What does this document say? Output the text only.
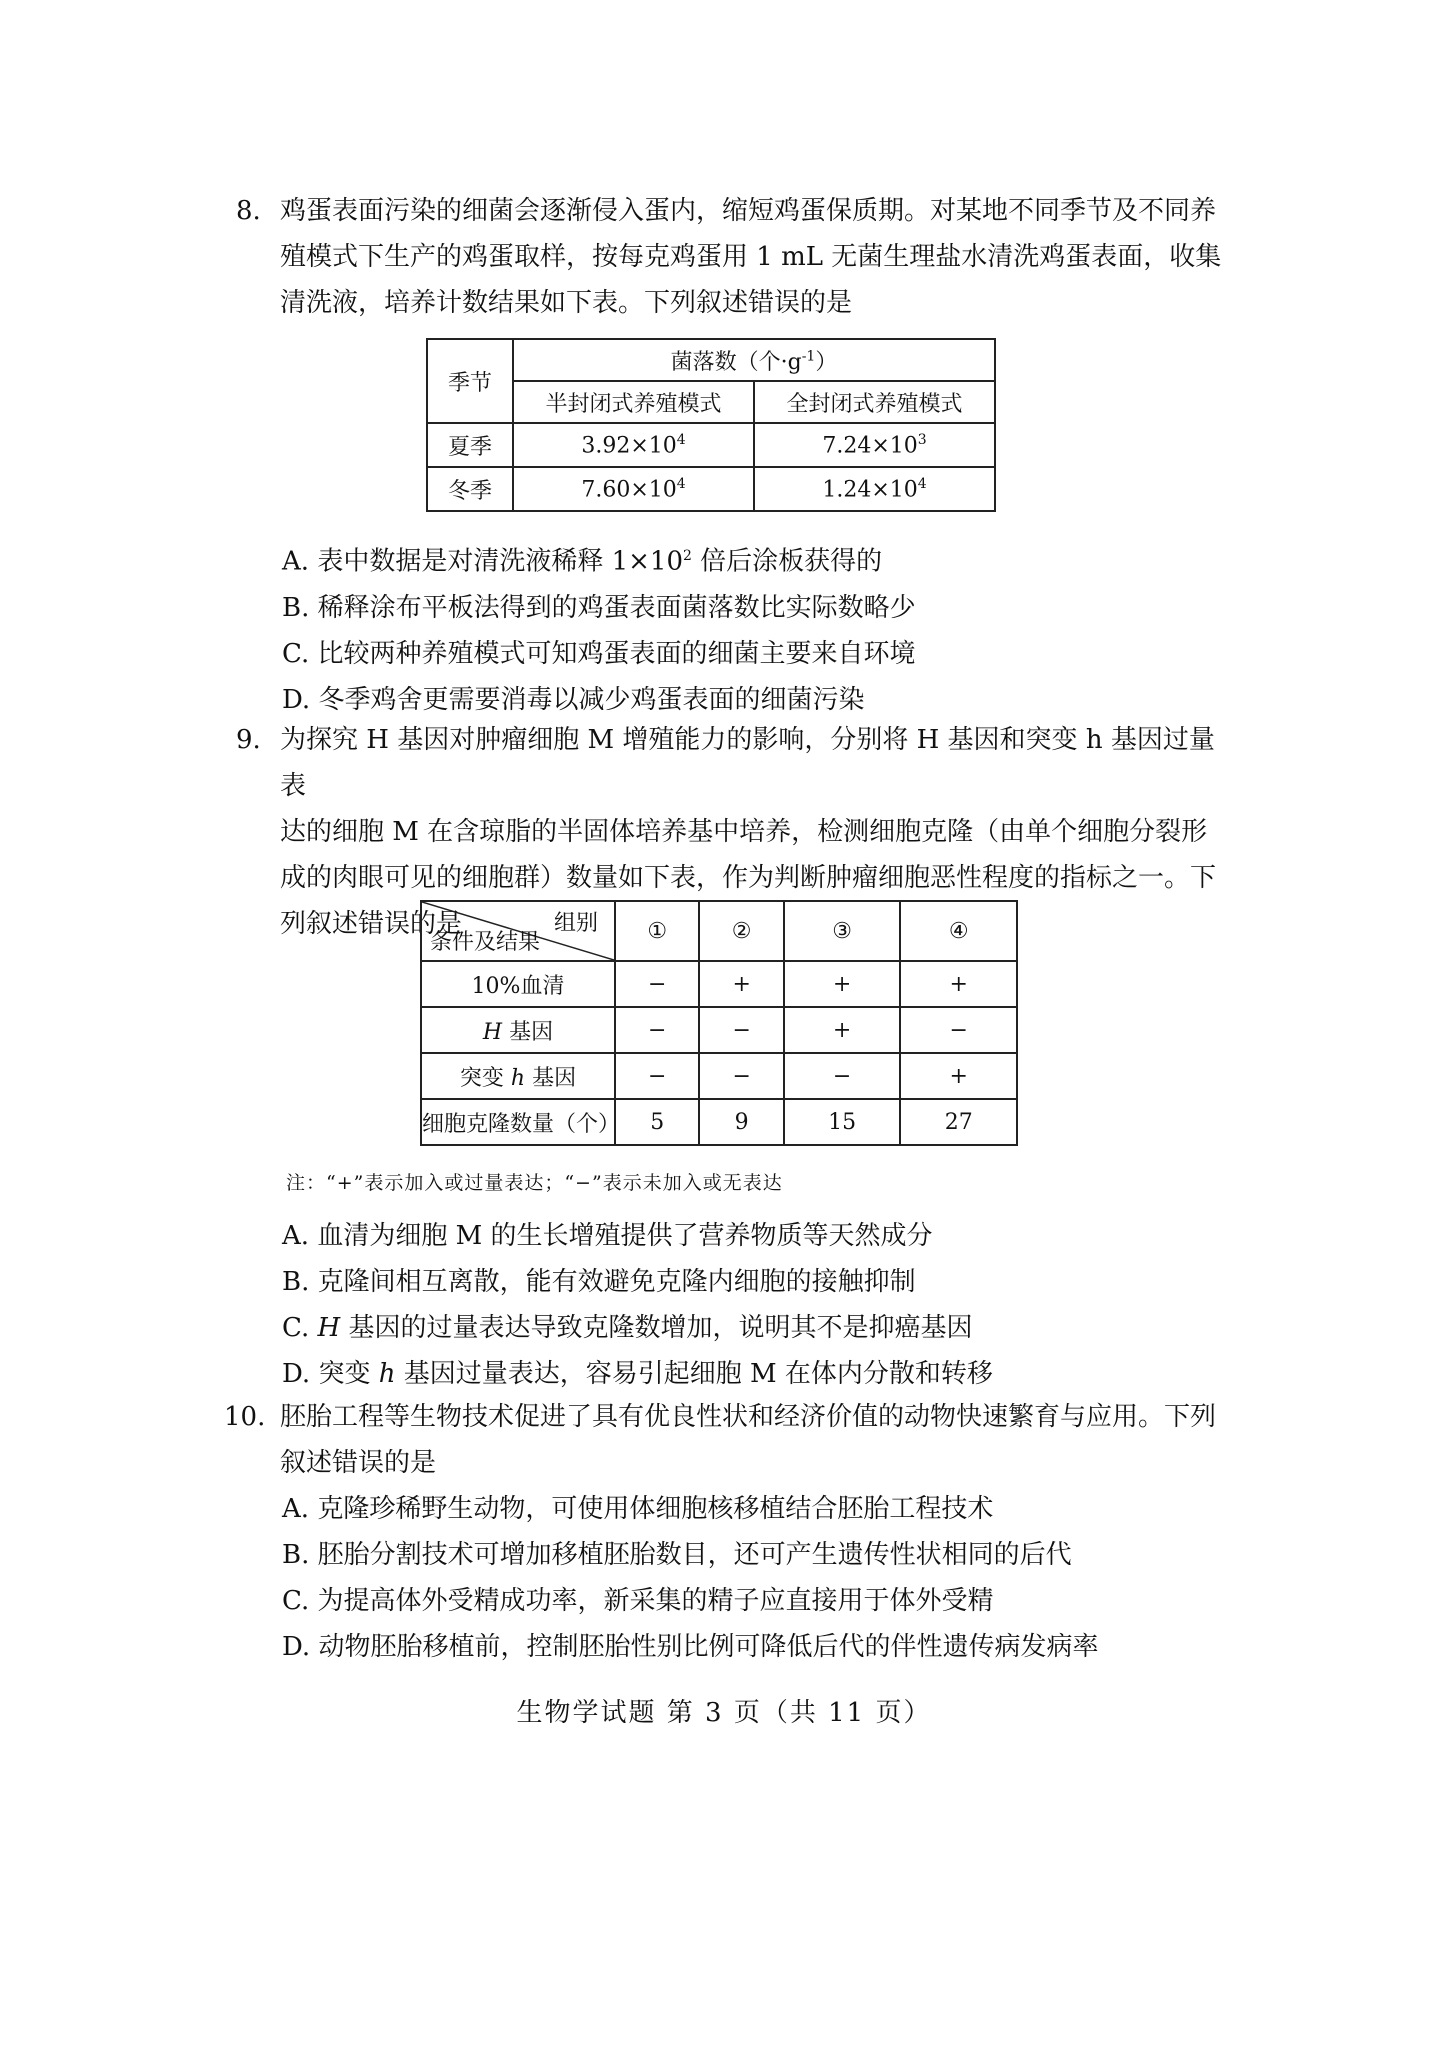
8. 鸡蛋表面污染的细菌会逐渐侵入蛋内，缩短鸡蛋保质期。对某地不同季节及不同养

殖模式下生产的鸡蛋取样，按每克鸡蛋用 1 mL 无菌生理盐水清洗鸡蛋表面，收集

清洗液，培养计数结果如下表。下列叙述错误的是

季节	菌落数（个$\cdot g^{-1}$）	
	半封闭式养殖模式	全封闭式养殖模式
夏季	$3.92\times 10^4$	$7.24\times 10^3$
冬季	$7.60\times 10^4$	$1.24\times 10^4$
A. 表中数据是对清洗液稀释 $1\times 10^2$ 倍后涂板获得的
B. 稀释涂布平板法得到的鸡蛋表面菌落数比实际数略少
C. 比较两种养殖模式可知鸡蛋表面的细菌主要来自环境
D. 冬季鸡舍更需要消毒以减少鸡蛋表面的细菌污染
9. 为探究 H 基因对肿瘤细胞 M 增殖能力的影响，分别将 H 基因和突变 h 基因过量表

达的细胞 M 在含琼脂的半固体培养基中培养，检测细胞克隆（由单个细胞分裂形

成的肉眼可见的细胞群）数量如下表，作为判断肿瘤细胞恶性程度的指标之一。下

列叙述错误的是	组别
条件及结果	①	②	③	④
10%血清	−	+	+	+
H 基因	−	−	+	−
突变 h 基因	−	−	−	+
细胞克隆数量（个）	5	9	15	27
注：“+”表示加入或过量表达；“−”表示未加入或无表达
A. 血清为细胞 M 的生长增殖提供了营养物质等天然成分
B. 克隆间相互离散，能有效避免克隆内细胞的接触抑制
C. H 基因的过量表达导致克隆数增加，说明其不是抑癌基因
D. 突变 h 基因过量表达，容易引起细胞 M 在体内分散和转移
10. 胚胎工程等生物技术促进了具有优良性状和经济价值的动物快速繁育与应用。下列

叙述错误的是

A. 克隆珍稀野生动物，可使用体细胞核移植结合胚胎工程技术
B. 胚胎分割技术可增加移植胚胎数目，还可产生遗传性状相同的后代
C. 为提高体外受精成功率，新采集的精子应直接用于体外受精
D. 动物胚胎移植前，控制胚胎性别比例可降低后代的伴性遗传病发病率
生物学试题 第 3 页（共 11 页）
